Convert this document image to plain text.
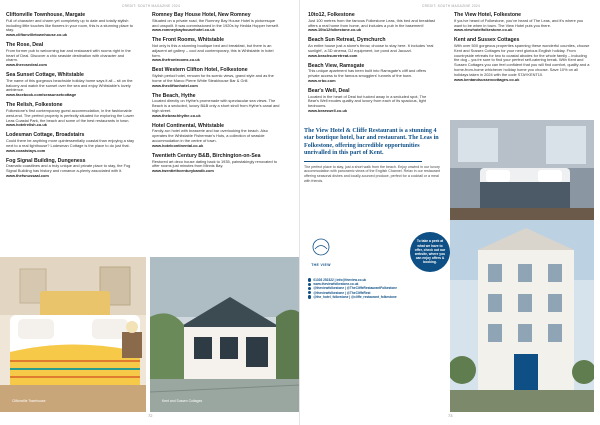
CREDIT: SOUTH MAGAZINE 2024
Cliftonville Townhouse, Margate

Full of character and charm yet completely up to date and totally stylish including little touches like flowers in your room, this is a stunning place to stay.

www.cliftonvilletownhouse.co.uk
The Rose, Deal

From former pub to welcoming bar and restaurant with rooms right in the heart of Deal. Discover a chic seaside destination with character and charm.

www.therosedeal.com
Sea Sunset Cottage, Whitstable

The name of this gorgeous beachside holiday home says it all – sit on the balcony and watch the sunset over the sea and enjoy Whitstable's lovely ambience.

www.facebook.com/seasunsetcottage
The Relish, Folkestone

Folkestone's first contemporary guest accommodation, in the fashionable west-end. The perfect property is perfectly situated for exploring the Lower Leas Coastal Park, the beach and some of the best restaurants in town.

www.hotelrelish.co.uk
Lodesman Cottage, Broadstairs

Could there be anything more quintessentially coastal than enjoying a stay next to a real lighthouse? Lodesman Cottage is the place to do just that.

www.coaststays.com
Fog Signal Building, Dungeness

Dramatic coastlines and a truly unique and private place to stay, the Fog Signal Building has history and romance a-plenty associated with it.

www.thefsnussaal.com
Romney Bay House Hotel, New Romney

Situated on a private road, the Romney Bay House Hotel is picturesque and unspoilt. It was commissioned in the 1920s by Hedda Hopper herself.

www.romneybayhousehotel.co.uk
The Front Rooms, Whitstable

Not only is this a stunning boutique bed and breakfast, but there is an adjacent art gallery – cool and contemporary, this is Whitstable in hotel form.

www.thefrontrooms.co.uk
Best Western Clifton Hotel, Folkestone

Stylish period hotel, renown for its scenic views, grand style and as the home of the Marco Pierre White Steakhouse Bar & Grill.

www.thecliftonhotel.com
The Beach, Hythe

Located directly on Hythe's promenade with spectacular sea views. The Beach is a secluded, luxury B&B only a short stroll from Hythe's canal and high street.

www.thebeachhythe.co.uk
Hotel Continental, Whitstable

Family-run hotel with brasserie and bar overlooking the beach. Also operates the Whitstable Fisherman's Huts, a collection of seaside accommodation in the centre of town.

www.hotelcontinental.co.uk
Twentieth Century B&B, Birchington-on-Sea

Restored art deco house dating back to 1935, painstakingly renovated to offer rooms just minutes from Minnis Bay.

www.twentiethcenturybandb.com
Cliftonville Townhouse	Kent and Sussex Cottages
72
CREDIT: SOUTH MAGAZINE 2024
10to12, Folkestone

Just 100 metres from the famous Folkestone Leas, this bed and breakfast offers a real home from home, and includes a pub in the basement!

www.10to12folkestone.co.uk
Beach Sun Retreat, Dymchurch

An entire house just a stone's throw, choose to stay here. It includes 'real sunlight', a 3D cinema, DJ equipment, ice pond and Jacuzzi.

www.beachsunretreat.com
Beach View, Ramsgate

This unique apartment has been built into Ramsgate's cliff and offers private access to the famous smugglers' tunnels of the town.

www.vrbo.com
Bear's Well, Deal

Located in the heart of Deal but tucked away in a secluded spot, The Bear's Well exudes quality and luxury from each of its spacious, light bedrooms.

www.bearswell.co.uk
The View Hotel, Folkestone

If you've heard of Folkestone, you've heard of The Leas, and it's where you want to be when in town. The View Hotel puts you there.

www.viewhotelfolkestone.co.uk
Kent and Sussex Cottages

With over 500 gorgeous properties spanning these wonderful counties, choose Kent and Sussex Cottages for your next glorious English holiday. From countryside retreats for two to coastal abodes for the whole family – including the dog – you're sure to find your perfect self-catering break. With Kent and Sussex Cottages you can feel confident that you will find comfort, quality and a home-from-home whichever holiday home you choose. Save 10% on all holidays taken in 2024 with the code STAYKENT10.

www.kentandsussexcottages.co.uk
The View Hotel & Cliffe Restaurant is a stunning 4 star boutique hotel, bar and restaurant. The Leas in Folkestone, offering incredible opportunities unrivalled in this part of Kent.
The perfect place to stay, just a short walk from the beach. Enjoy unwind in our luxury accommodation with panoramic views of the English Channel. Relax in our restaurant offering seasonal dishes and locally-sourced produce, perfect for a cocktail or a meal with friends.
THE VIEW
To take a peek at what we have to offer, check out our website, where you can enjoy offers & booking.
01303 252322 | info@theview.co.uk
www.theviewfolkestone.co.uk
@theviewfolkestone | @TheCliffeRestaurantFolkestone
@theviewfolkestone | @TheCliffeRest
@the_hotel_folkestone | @cliffe_restaurant_folkestone
73
